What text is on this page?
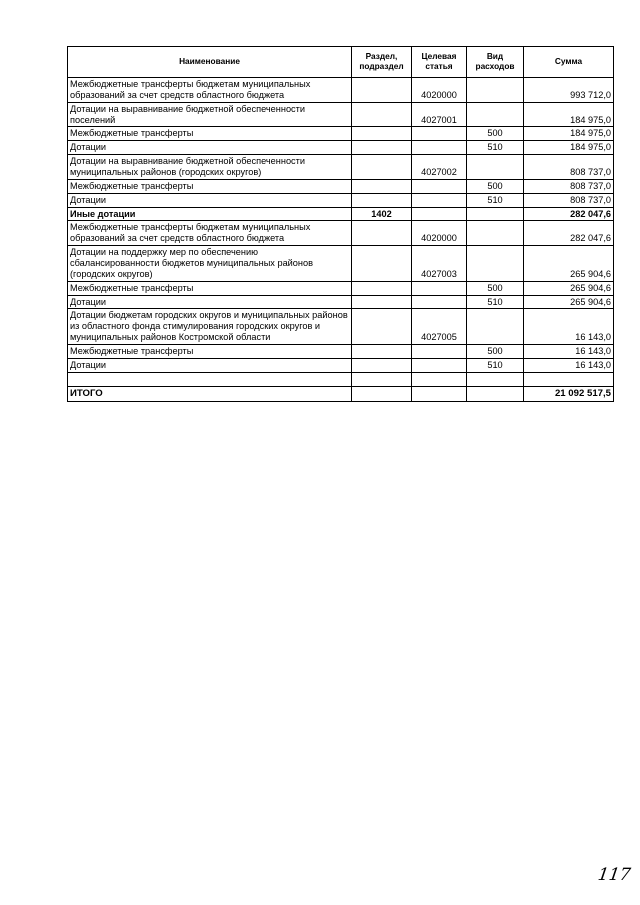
Наименование	Раздел, подраздел	Целевая статья	Вид расходов	Сумма
Межбюджетные трансферты бюджетам муниципальных образований за счет средств областного бюджета		4020000		993 712,0
Дотации на выравнивание бюджетной обеспеченности поселений		4027001		184 975,0
Межбюджетные трансферты			500	184 975,0
Дотации			510	184 975,0
Дотации на выравнивание бюджетной обеспеченности муниципальных районов (городских округов)		4027002		808 737,0
Межбюджетные трансферты			500	808 737,0
Дотации			510	808 737,0
Иные дотации	1402			282 047,6
Межбюджетные трансферты бюджетам муниципальных образований за счет средств областного бюджета		4020000		282 047,6
Дотации на поддержку мер по обеспечению сбалансированности бюджетов муниципальных районов (городских округов)		4027003		265 904,6
Межбюджетные трансферты			500	265 904,6
Дотации			510	265 904,6
Дотации бюджетам городских округов и муниципальных районов из областного фонда стимулирования городских округов и муниципальных районов Костромской области		4027005		16 143,0
Межбюджетные трансферты			500	16 143,0
Дотации			510	16 143,0

ИТОГО				21 092 517,5
117
